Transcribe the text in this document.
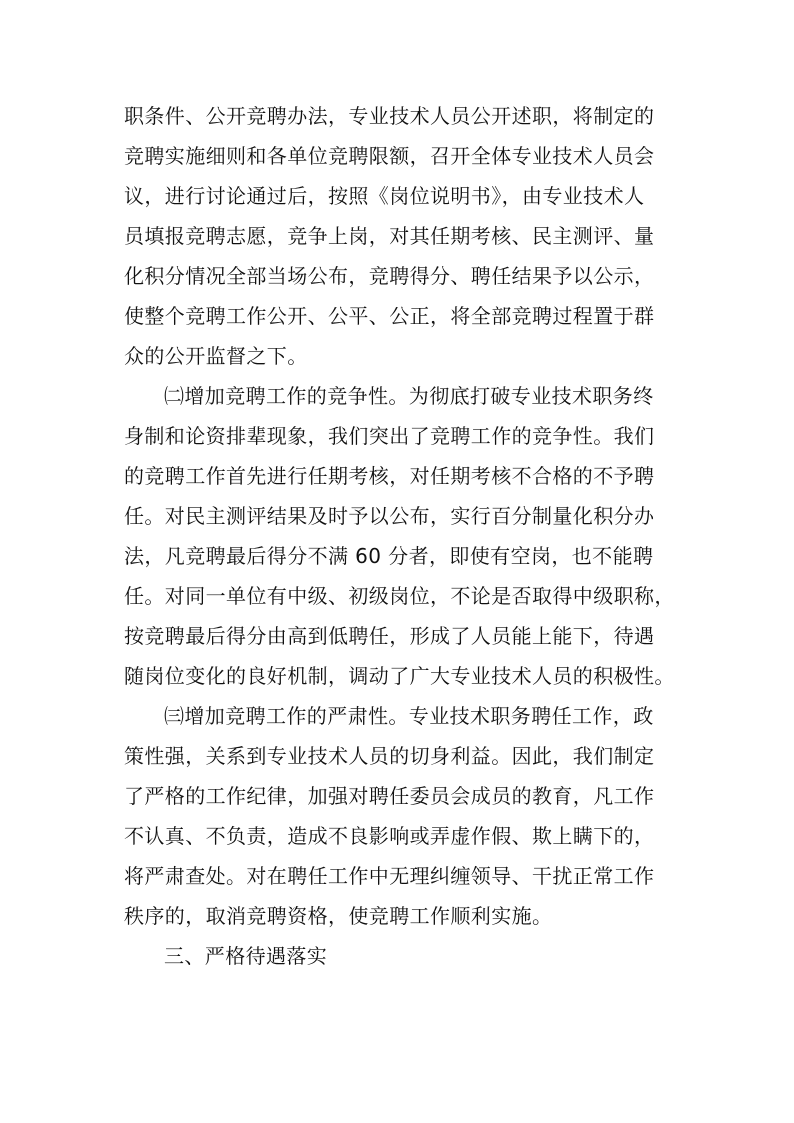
职条件、公开竞聘办法，专业技术人员公开述职，将制定的
竞聘实施细则和各单位竞聘限额，召开全体专业技术人员会
议，进行讨论通过后，按照《岗位说明书》，由专业技术人
员填报竞聘志愿，竞争上岗，对其任期考核、民主测评、量
化积分情况全部当场公布，竞聘得分、聘任结果予以公示，
使整个竞聘工作公开、公平、公正，将全部竞聘过程置于群
众的公开监督之下。
㈡增加竞聘工作的竞争性。为彻底打破专业技术职务终
身制和论资排辈现象，我们突出了竞聘工作的竞争性。我们
的竞聘工作首先进行任期考核，对任期考核不合格的不予聘
任。对民主测评结果及时予以公布，实行百分制量化积分办
法，凡竞聘最后得分不满 60 分者，即使有空岗，也不能聘
任。对同一单位有中级、初级岗位，不论是否取得中级职称，
按竞聘最后得分由高到低聘任，形成了人员能上能下，待遇
随岗位变化的良好机制，调动了广大专业技术人员的积极性。
㈢增加竞聘工作的严肃性。专业技术职务聘任工作，政
策性强，关系到专业技术人员的切身利益。因此，我们制定
了严格的工作纪律，加强对聘任委员会成员的教育，凡工作
不认真、不负责，造成不良影响或弄虚作假、欺上瞒下的，
将严肃查处。对在聘任工作中无理纠缠领导、干扰正常工作
秩序的，取消竞聘资格，使竞聘工作顺利实施。
三、严格待遇落实
